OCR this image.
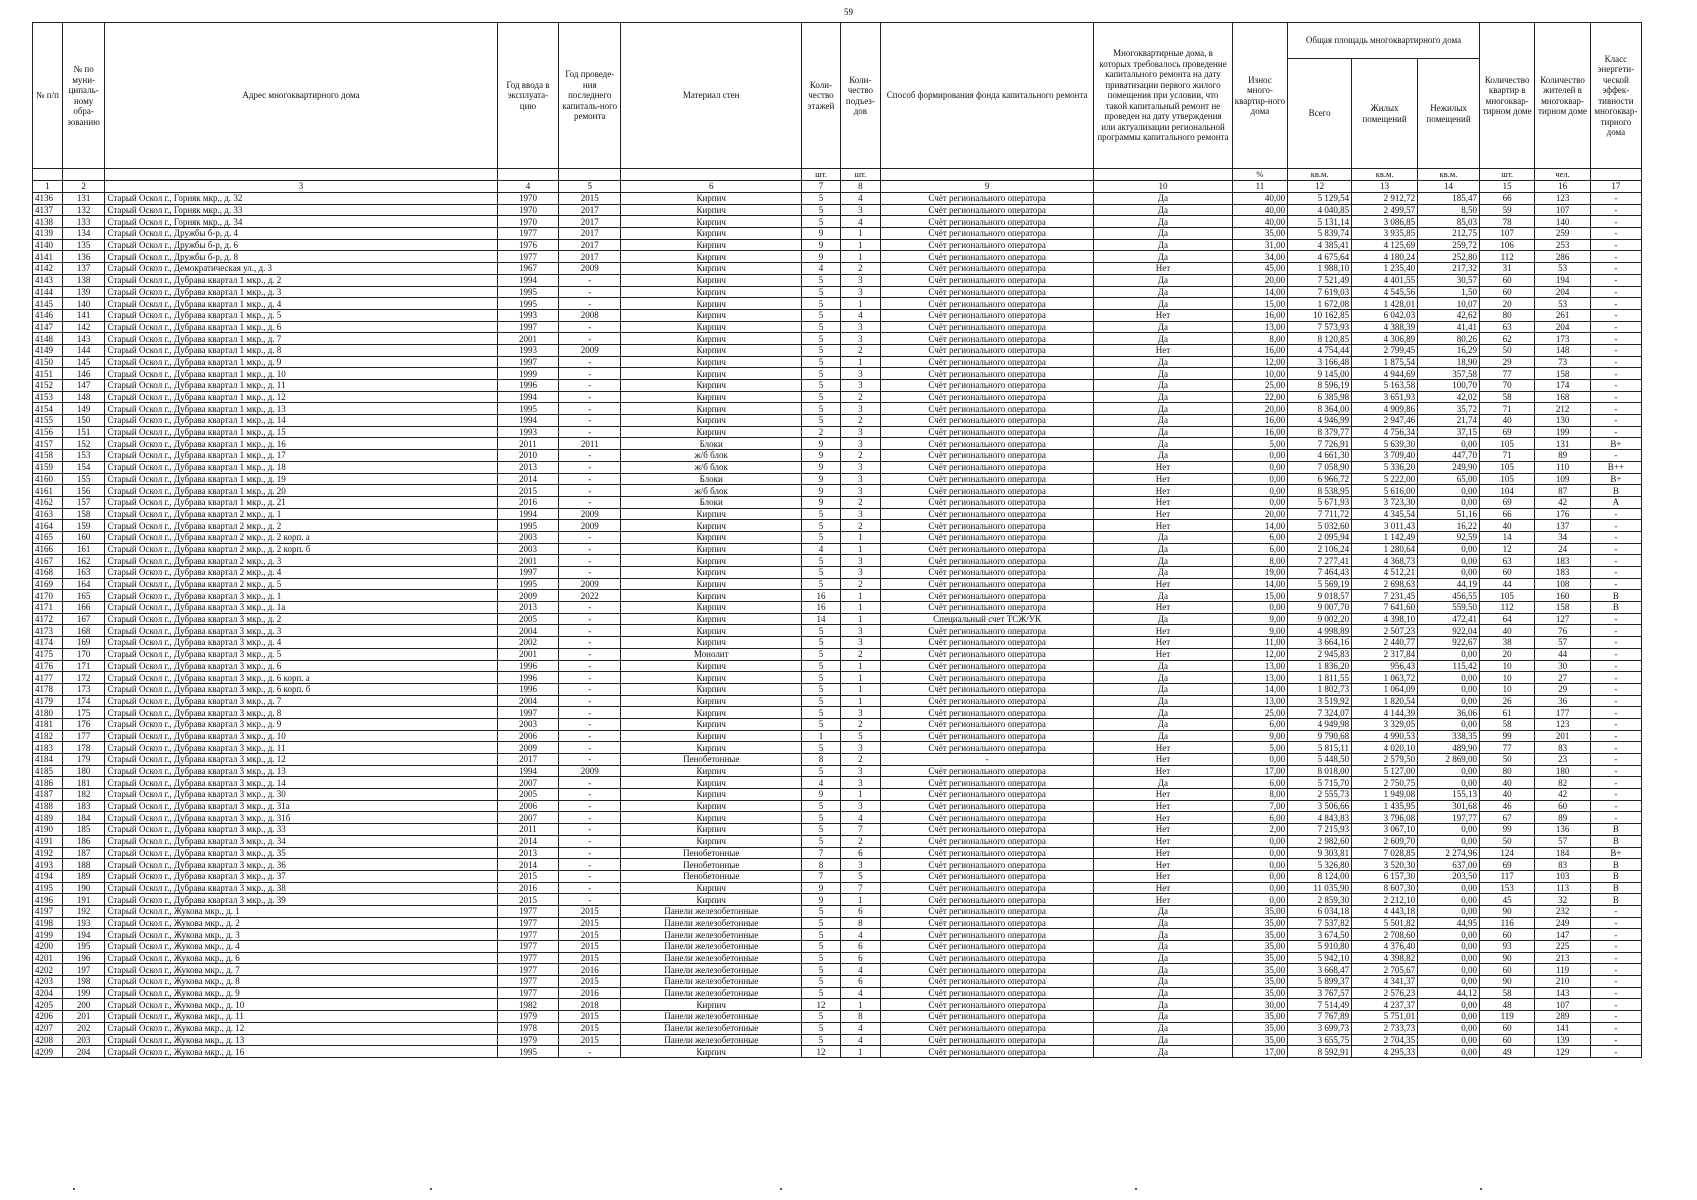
59
№ п/п	№ по муни-ципаль-ному обра-зованию	Адрес многоквартирного дома	Год ввода в эксплуата-цию	Год проведе-ния последнего капиталь-ного ремонта	Материал стен	Коли-чество этажей	Коли-чество подъез-дов	Способ формирования фонда капитального ремонта	Многоквартирные дома, в которых требовалось проведение капитального ремонта на дату приватизации первого жилого помещения при условии, что такой капитальный ремонт не проведен на дату утверждения или актуализации региональной программы капитального ремонта	Износ много-квартир-ного дома	Общая площадь многоквартирного дома			Количество квартир в многоквар-тирном доме	Количество жителей в многоквар-тирном доме	Класс энергети-ческой эффек-тивности многоквар-тирного дома
											Всего	Жилых помещений	Нежилых помещений			
						шт.	шт.			%	кв.м.	кв.м.	кв.м.	шт.	чел.	
1	2	3	4	5	6	7	8	9	10	11	12	13	14	15	16	17
4136	131	Старый Оскол г., Горняк мкр., д. 32	1970	2015	Кирпич	5	4	Счёт регионального оператора	Да	40,00	5 129,54	2 912,72	185,47	66	123	-
4137	132	Старый Оскол г., Горняк мкр., д. 33	1970	2017	Кирпич	5	3	Счёт регионального оператора	Да	40,00	4 040,85	2 499,57	8,50	59	107	-
4138	133	Старый Оскол г., Горняк мкр., д. 34	1970	2017	Кирпич	5	4	Счёт регионального оператора	Да	40,00	5 131,14	3 086,85	85,03	78	140	-
4139	134	Старый Оскол г., Дружбы б-р, д. 4	1977	2017	Кирпич	9	1	Счёт регионального оператора	Да	35,00	5 839,74	3 935,85	212,75	107	259	-
4140	135	Старый Оскол г., Дружбы б-р, д. 6	1976	2017	Кирпич	9	1	Счёт регионального оператора	Да	31,00	4 385,41	4 125,69	259,72	106	253	-
4141	136	Старый Оскол г., Дружбы б-р, д. 8	1977	2017	Кирпич	9	1	Счёт регионального оператора	Да	34,00	4 675,64	4 180,24	252,80	112	286	-
4142	137	Старый Оскол г., Демократическая ул., д. 3	1967	2009	Кирпич	4	2	Счёт регионального оператора	Нет	45,00	1 988,10	1 235,40	217,32	31	53	-
4143	138	Старый Оскол г., Дубрава квартал 1 мкр., д. 2	1994	-	Кирпич	5	3	Счёт регионального оператора	Да	20,00	7 521,49	4 401,55	30,57	60	194	-
4144	139	Старый Оскол г., Дубрава квартал 1 мкр., д. 3	1995	-	Кирпич	5	3	Счёт регионального оператора	Да	14,00	7 619,03	4 545,56	1,50	60	204	-
4145	140	Старый Оскол г., Дубрава квартал 1 мкр., д. 4	1995	-	Кирпич	5	1	Счёт регионального оператора	Да	15,00	1 672,08	1 428,01	10,07	20	53	-
4146	141	Старый Оскол г., Дубрава квартал 1 мкр., д. 5	1993	2008	Кирпич	5	4	Счёт регионального оператора	Нет	16,00	10 162,85	6 042,03	42,62	80	261	-
4147	142	Старый Оскол г., Дубрава квартал 1 мкр., д. 6	1997	-	Кирпич	5	3	Счёт регионального оператора	Да	13,00	7 573,93	4 388,39	41,41	63	204	-
4148	143	Старый Оскол г., Дубрава квартал 1 мкр., д. 7	2001	-	Кирпич	5	3	Счёт регионального оператора	Да	8,00	8 120,85	4 306,89	80,26	62	173	-
4149	144	Старый Оскол г., Дубрава квартал 1 мкр., д. 8	1993	2009	Кирпич	5	2	Счёт регионального оператора	Нет	16,00	4 754,44	2 799,45	16,29	50	148	-
4150	145	Старый Оскол г., Дубрава квартал 1 мкр., д. 9	1997	-	Кирпич	5	1	Счёт регионального оператора	Да	12,00	3 166,48	1 875,54	18,90	29	73	-
4151	146	Старый Оскол г., Дубрава квартал 1 мкр., д. 10	1999	-	Кирпич	5	3	Счёт регионального оператора	Да	10,00	9 145,00	4 944,69	357,58	77	158	-
4152	147	Старый Оскол г., Дубрава квартал 1 мкр., д. 11	1996	-	Кирпич	5	3	Счёт регионального оператора	Да	25,00	8 596,19	5 163,58	100,70	70	174	-
4153	148	Старый Оскол г., Дубрава квартал 1 мкр., д. 12	1994	-	Кирпич	5	2	Счёт регионального оператора	Да	22,00	6 385,98	3 651,93	42,02	58	168	-
4154	149	Старый Оскол г., Дубрава квартал 1 мкр., д. 13	1995	-	Кирпич	5	3	Счёт регионального оператора	Да	20,00	8 364,00	4 909,86	35,72	71	212	-
4155	150	Старый Оскол г., Дубрава квартал 1 мкр., д. 14	1994	-	Кирпич	5	2	Счёт регионального оператора	Да	16,00	4 946,99	2 947,46	21,74	40	130	-
4156	151	Старый Оскол г., Дубрава квартал 1 мкр., д. 15	1993	-	Кирпич	2	3	Счёт регионального оператора	Да	16,00	8 379,77	4 756,34	37,15	69	199	-
4157	152	Старый Оскол г., Дубрава квартал 1 мкр., д. 16	2011	2011	Блоки	9	3	Счёт регионального оператора	Да	5,00	7 726,91	5 639,30	0,00	105	131	B+
4158	153	Старый Оскол г., Дубрава квартал 1 мкр., д. 17	2010	-	ж/б блок	9	2	Счёт регионального оператора	Да	0,00	4 661,30	3 709,40	447,70	71	89	-
4159	154	Старый Оскол г., Дубрава квартал 1 мкр., д. 18	2013	-	ж/б блок	9	3	Счёт регионального оператора	Нет	0,00	7 058,90	5 336,20	249,90	105	110	B++
4160	155	Старый Оскол г., Дубрава квартал 1 мкр., д. 19	2014	-	Блоки	9	3	Счёт регионального оператора	Нет	0,00	6 966,72	5 222,00	65,00	105	109	B+
4161	156	Старый Оскол г., Дубрава квартал 1 мкр., д. 20	2015	-	ж/б блок	9	3	Счёт регионального оператора	Нет	0,00	8 538,95	5 616,00	0,00	104	87	B
4162	157	Старый Оскол г., Дубрава квартал 1 мкр., д. 21	2016	-	Блоки	9	2	Счёт регионального оператора	Нет	0,00	5 671,93	3 723,30	0,00	69	42	A
4163	158	Старый Оскол г., Дубрава квартал 2 мкр., д. 1	1994	2009	Кирпич	5	3	Счёт регионального оператора	Нет	20,00	7 711,72	4 345,54	51,16	66	176	-
4164	159	Старый Оскол г., Дубрава квартал 2 мкр., д. 2	1995	2009	Кирпич	5	2	Счёт регионального оператора	Нет	14,00	5 032,60	3 011,43	16,22	40	137	-
4165	160	Старый Оскол г., Дубрава квартал 2 мкр., д. 2 корп. а	2003	-	Кирпич	5	1	Счёт регионального оператора	Да	6,00	2 095,94	1 142,49	92,59	14	34	-
4166	161	Старый Оскол г., Дубрава квартал 2 мкр., д. 2 корп. б	2003	-	Кирпич	4	1	Счёт регионального оператора	Да	6,00	2 106,24	1 280,64	0,00	12	24	-
4167	162	Старый Оскол г., Дубрава квартал 2 мкр., д. 3	2001	-	Кирпич	5	3	Счёт регионального оператора	Да	8,00	7 277,41	4 368,73	0,00	63	183	-
4168	163	Старый Оскол г., Дубрава квартал 2 мкр., д. 4	1997	-	Кирпич	5	3	Счёт регионального оператора	Да	19,00	7 464,43	4 512,21	0,00	60	183	-
4169	164	Старый Оскол г., Дубрава квартал 2 мкр., д. 5	1995	2009	Кирпич	5	2	Счёт регионального оператора	Нет	14,00	5 569,19	2 698,63	44,19	44	108	-
4170	165	Старый Оскол г., Дубрава квартал 3 мкр., д. 1	2009	2022	Кирпич	16	1	Счёт регионального оператора	Да	15,00	9 018,57	7 231,45	456,55	105	160	B
4171	166	Старый Оскол г., Дубрава квартал 3 мкр., д. 1а	2013	-	Кирпич	16	1	Счёт регионального оператора	Нет	0,00	9 007,70	7 641,60	559,50	112	158	B
4172	167	Старый Оскол г., Дубрава квартал 3 мкр., д. 2	2005	-	Кирпич	14	1	Специальный счет ТСЖ/УК	Да	9,00	9 002,20	4 398,10	472,41	64	127	-
4173	168	Старый Оскол г., Дубрава квартал 3 мкр., д. 3	2004	-	Кирпич	5	3	Счёт регионального оператора	Нет	9,00	4 998,89	2 507,23	922,04	40	76	-
4174	169	Старый Оскол г., Дубрава квартал 3 мкр., д. 4	2002	-	Кирпич	5	3	Счёт регионального оператора	Нет	11,00	3 664,16	2 440,77	922,67	38	57	-
4175	170	Старый Оскол г., Дубрава квартал 3 мкр., д. 5	2001	-	Монолит	5	2	Счёт регионального оператора	Нет	12,00	2 945,83	2 317,84	0,00	20	44	-
4176	171	Старый Оскол г., Дубрава квартал 3 мкр., д. 6	1996	-	Кирпич	5	1	Счёт регионального оператора	Да	13,00	1 836,20	956,43	115,42	10	30	-
4177	172	Старый Оскол г., Дубрава квартал 3 мкр., д. 6 корп. а	1996	-	Кирпич	5	1	Счёт регионального оператора	Да	13,00	1 811,55	1 063,72	0,00	10	27	-
4178	173	Старый Оскол г., Дубрава квартал 3 мкр., д. 6 корп. б	1996	-	Кирпич	5	1	Счёт регионального оператора	Да	14,00	1 802,73	1 064,09	0,00	10	29	-
4179	174	Старый Оскол г., Дубрава квартал 3 мкр., д. 7	2004	-	Кирпич	5	1	Счёт регионального оператора	Да	13,00	3 519,92	1 820,54	0,00	26	36	-
4180	175	Старый Оскол г., Дубрава квартал 3 мкр., д. 8	1997	-	Кирпич	5	3	Счёт регионального оператора	Да	25,00	7 324,07	4 144,39	36,06	61	177	-
4181	176	Старый Оскол г., Дубрава квартал 3 мкр., д. 9	2003	-	Кирпич	5	2	Счёт регионального оператора	Да	6,00	4 949,98	3 329,05	0,00	58	123	-
4182	177	Старый Оскол г., Дубрава квартал 3 мкр., д. 10	2006	-	Кирпич	1	5	Счёт регионального оператора	Да	9,00	9 790,68	4 990,53	338,35	99	201	-
4183	178	Старый Оскол г., Дубрава квартал 3 мкр., д. 11	2009	-	Кирпич	5	3	Счёт регионального оператора	Нет	5,00	5 815,11	4 020,10	489,90	77	83	-
4184	179	Старый Оскол г., Дубрава квартал 3 мкр., д. 12	2017	-	Пенобетонные	8	2	-	Нет	0,00	5 448,50	2 579,50	2 869,00	50	23	-
4185	180	Старый Оскол г., Дубрава квартал 3 мкр., д. 13	1994	2009	Кирпич	5	3	Счёт регионального оператора	Нет	17,00	8 018,00	5 127,00	0,00	80	180	-
4186	181	Старый Оскол г., Дубрава квартал 3 мкр., д. 14	2007	-	Кирпич	4	3	Счёт регионального оператора	Да	6,00	5 715,70	2 750,75	0,00	40	82	-
4187	182	Старый Оскол г., Дубрава квартал 3 мкр., д. 30	2005	-	Кирпич	9	1	Счёт регионального оператора	Нет	8,00	2 555,73	1 949,08	155,13	40	42	-
4188	183	Старый Оскол г., Дубрава квартал 3 мкр., д. 31а	2006	-	Кирпич	5	3	Счёт регионального оператора	Нет	7,00	3 506,66	1 435,95	301,68	46	60	-
4189	184	Старый Оскол г., Дубрава квартал 3 мкр., д. 31б	2007	-	Кирпич	5	4	Счёт регионального оператора	Нет	6,00	4 843,83	3 796,08	197,77	67	89	-
4190	185	Старый Оскол г., Дубрава квартал 3 мкр., д. 33	2011	-	Кирпич	5	7	Счёт регионального оператора	Нет	2,00	7 215,93	3 067,10	0,00	99	136	B
4191	186	Старый Оскол г., Дубрава квартал 3 мкр., д. 34	2014	-	Кирпич	5	2	Счёт регионального оператора	Нет	0,00	2 982,60	2 609,70	0,00	50	57	B
4192	187	Старый Оскол г., Дубрава квартал 3 мкр., д. 35	2013	-	Пенобетонные	7	6	Счёт регионального оператора	Нет	0,00	9 303,81	7 028,85	2 274,96	124	184	B+
4193	188	Старый Оскол г., Дубрава квартал 3 мкр., д. 36	2014	-	Пенобетонные	8	3	Счёт регионального оператора	Нет	0,00	5 326,80	3 520,30	637,00	69	83	B
4194	189	Старый Оскол г., Дубрава квартал 3 мкр., д. 37	2015	-	Пенобетонные	7	5	Счёт регионального оператора	Нет	0,00	8 124,00	6 157,30	203,50	117	103	B
4195	190	Старый Оскол г., Дубрава квартал 3 мкр., д. 38	2016	-	Кирпич	9	7	Счёт регионального оператора	Нет	0,00	11 035,90	8 607,30	0,00	153	113	B
4196	191	Старый Оскол г., Дубрава квартал 3 мкр., д. 39	2015	-	Кирпич	9	1	Счёт регионального оператора	Нет	0,00	2 859,30	2 212,10	0,00	45	32	B
4197	192	Старый Оскол г., Жукова мкр., д. 1	1977	2015	Панели железобетонные	5	6	Счёт регионального оператора	Да	35,00	6 034,18	4 443,18	0,00	90	232	-
4198	193	Старый Оскол г., Жукова мкр., д. 2	1977	2015	Панели железобетонные	5	8	Счёт регионального оператора	Да	35,00	7 537,82	5 501,82	44,95	116	249	-
4199	194	Старый Оскол г., Жукова мкр., д. 3	1977	2015	Панели железобетонные	5	4	Счёт регионального оператора	Да	35,00	3 674,50	2 708,60	0,00	60	147	-
4200	195	Старый Оскол г., Жукова мкр., д. 4	1977	2015	Панели железобетонные	5	6	Счёт регионального оператора	Да	35,00	5 910,80	4 376,40	0,00	93	225	-
4201	196	Старый Оскол г., Жукова мкр., д. 6	1977	2015	Панели железобетонные	5	6	Счёт регионального оператора	Да	35,00	5 942,10	4 398,82	0,00	90	213	-
4202	197	Старый Оскол г., Жукова мкр., д. 7	1977	2016	Панели железобетонные	5	4	Счёт регионального оператора	Да	35,00	3 668,47	2 705,67	0,00	60	119	-
4203	198	Старый Оскол г., Жукова мкр., д. 8	1977	2015	Панели железобетонные	5	6	Счёт регионального оператора	Да	35,00	5 899,37	4 341,37	0,00	90	210	-
4204	199	Старый Оскол г., Жукова мкр., д. 9	1977	2016	Панели железобетонные	5	4	Счёт регионального оператора	Да	35,00	3 767,57	2 576,23	44,12	58	143	-
4205	200	Старый Оскол г., Жукова мкр., д. 10	1982	2018	Кирпич	12	1	Счёт регионального оператора	Да	30,00	7 514,49	4 237,37	0,00	48	107	-
4206	201	Старый Оскол г., Жукова мкр., д. 11	1979	2015	Панели железобетонные	5	8	Счёт регионального оператора	Да	35,00	7 767,89	5 751,01	0,00	119	289	-
4207	202	Старый Оскол г., Жукова мкр., д. 12	1978	2015	Панели железобетонные	5	4	Счёт регионального оператора	Да	35,00	3 699,73	2 733,73	0,00	60	141	-
4208	203	Старый Оскол г., Жукова мкр., д. 13	1979	2015	Панели железобетонные	5	4	Счёт регионального оператора	Да	35,00	3 655,75	2 704,35	0,00	60	139	-
4209	204	Старый Оскол г., Жукова мкр., д. 16	1995	-	Кирпич	12	1	Счёт регионального оператора	Да	17,00	8 592,91	4 295,33	0,00	49	129	-
